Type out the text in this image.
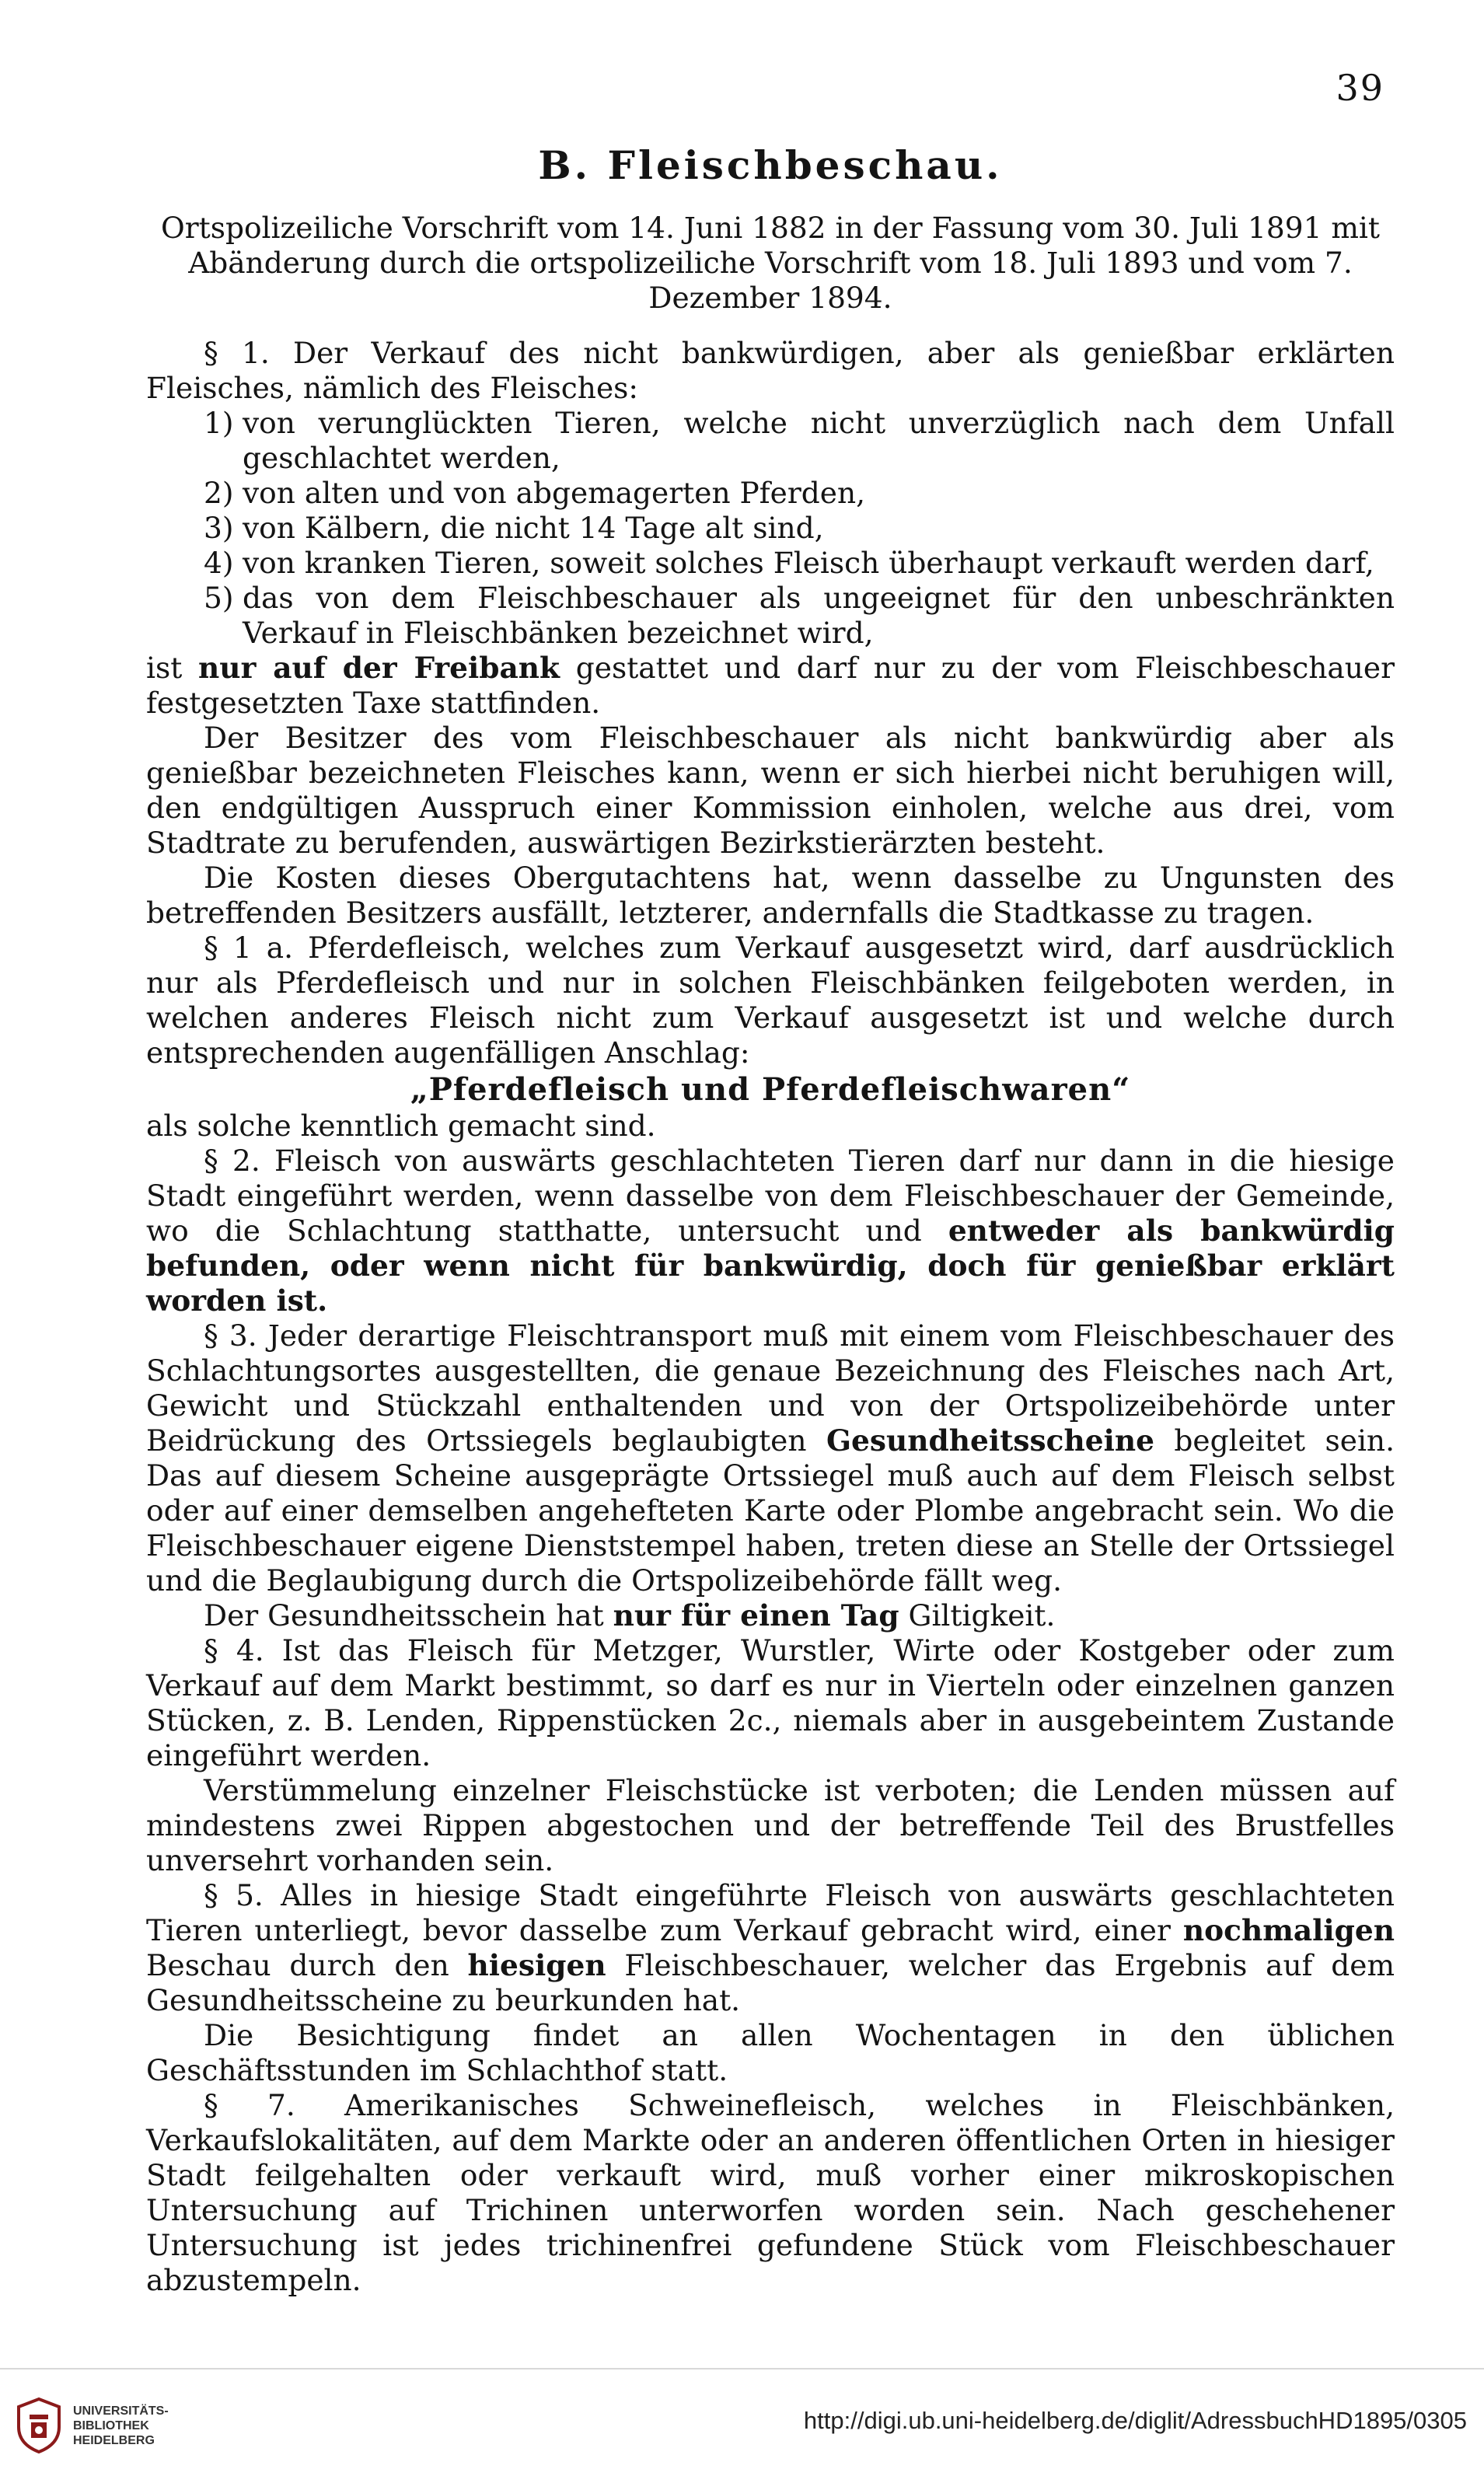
39
B. Fleischbeschau.

Ortspolizeiliche Vorschrift vom 14. Juni 1882 in der Fassung vom 30. Juli 1891 mit Abänderung durch die ortspolizeiliche Vorschrift vom 18. Juli 1893 und vom 7. Dezember 1894.

§ 1. Der Verkauf des nicht bankwürdigen, aber als genießbar erklärten Fleisches, nämlich des Fleisches:

1) von verunglückten Tieren, welche nicht unverzüglich nach dem Unfall geschlachtet werden,
2) von alten und von abgemagerten Pferden,
3) von Kälbern, die nicht 14 Tage alt sind,
4) von kranken Tieren, soweit solches Fleisch überhaupt verkauft werden darf,
5) das von dem Fleischbeschauer als ungeeignet für den unbeschränkten Verkauf in Fleischbänken bezeichnet wird,

ist nur auf der Freibank gestattet und darf nur zu der vom Fleischbeschauer festgesetzten Taxe stattfinden.

Der Besitzer des vom Fleischbeschauer als nicht bankwürdig aber als genießbar bezeichneten Fleisches kann, wenn er sich hierbei nicht beruhigen will, den endgültigen Ausspruch einer Kommission einholen, welche aus drei, vom Stadtrate zu berufenden, auswärtigen Bezirkstierärzten besteht.

Die Kosten dieses Obergutachtens hat, wenn dasselbe zu Ungunsten des betreffenden Besitzers ausfällt, letzterer, andernfalls die Stadtkasse zu tragen.

§ 1 a. Pferdefleisch, welches zum Verkauf ausgesetzt wird, darf ausdrücklich nur als Pferdefleisch und nur in solchen Fleischbänken feilgeboten werden, in welchen anderes Fleisch nicht zum Verkauf ausgesetzt ist und welche durch entsprechenden augenfälligen Anschlag:

„Pferdefleisch und Pferdefleischwaren“

als solche kenntlich gemacht sind.

§ 2. Fleisch von auswärts geschlachteten Tieren darf nur dann in die hiesige Stadt eingeführt werden, wenn dasselbe von dem Fleischbeschauer der Gemeinde, wo die Schlachtung statthatte, untersucht und entweder als bankwürdig befunden, oder wenn nicht für bankwürdig, doch für genießbar erklärt worden ist.

§ 3. Jeder derartige Fleischtransport muß mit einem vom Fleischbeschauer des Schlachtungsortes ausgestellten, die genaue Bezeichnung des Fleisches nach Art, Gewicht und Stückzahl enthaltenden und von der Ortspolizeibehörde unter Beidrückung des Ortssiegels beglaubigten Gesundheitsscheine begleitet sein. Das auf diesem Scheine ausgeprägte Ortssiegel muß auch auf dem Fleisch selbst oder auf einer demselben angehefteten Karte oder Plombe angebracht sein. Wo die Fleischbeschauer eigene Dienststempel haben, treten diese an Stelle der Ortssiegel und die Beglaubigung durch die Ortspolizeibehörde fällt weg.

Der Gesundheitsschein hat nur für einen Tag Giltigkeit.

§ 4. Ist das Fleisch für Metzger, Wurstler, Wirte oder Kostgeber oder zum Verkauf auf dem Markt bestimmt, so darf es nur in Vierteln oder einzelnen ganzen Stücken, z. B. Lenden, Rippenstücken 2c., niemals aber in ausgebeintem Zustande eingeführt werden.

Verstümmelung einzelner Fleischstücke ist verboten; die Lenden müssen auf mindestens zwei Rippen abgestochen und der betreffende Teil des Brustfelles unversehrt vorhanden sein.

§ 5. Alles in hiesige Stadt eingeführte Fleisch von auswärts geschlachteten Tieren unterliegt, bevor dasselbe zum Verkauf gebracht wird, einer nochmaligen Beschau durch den hiesigen Fleischbeschauer, welcher das Ergebnis auf dem Gesundheitsscheine zu beurkunden hat.

Die Besichtigung findet an allen Wochentagen in den üblichen Geschäftsstunden im Schlachthof statt.

§ 7. Amerikanisches Schweinefleisch, welches in Fleischbänken, Verkaufslokalitäten, auf dem Markte oder an anderen öffentlichen Orten in hiesiger Stadt feilgehalten oder verkauft wird, muß vorher einer mikroskopischen Untersuchung auf Trichinen unterworfen worden sein. Nach geschehener Untersuchung ist jedes trichinenfrei gefundene Stück vom Fleischbeschauer abzustempeln.

UNIVERSITÄTS-
BIBLIOTHEK
HEIDELBERG
http://digi.ub.uni-heidelberg.de/diglit/AdressbuchHD1895/0305
